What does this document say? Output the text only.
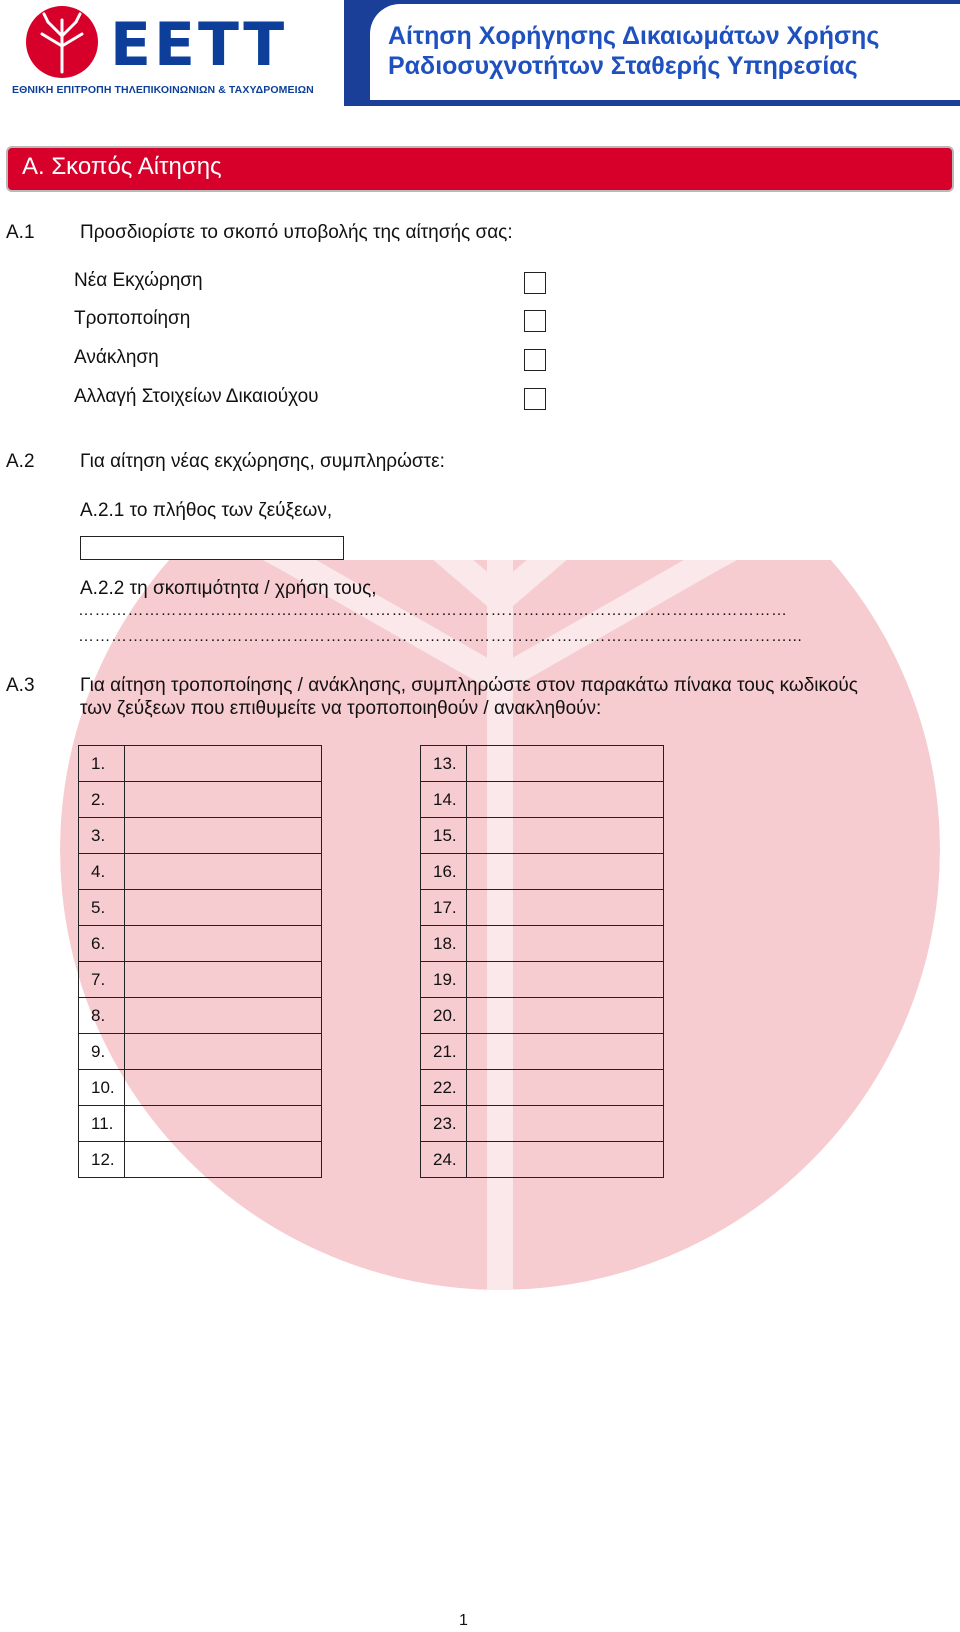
EETT
ΕΘΝΙΚΗ ΕΠΙΤΡΟΠΗ ΤΗΛΕΠΙΚΟΙΝΩΝΙΩΝ & ΤΑΧΥΔΡΟΜΕΙΩΝ
Αίτηση Χορήγησης Δικαιωμάτων Χρήσης
Ραδιοσυχνοτήτων Σταθερής Υπηρεσίας
Α. Σκοπός Αίτησης
Α.1 Προσδιορίστε το σκοπό υποβολής της αίτησής σας:
Νέα Εκχώρηση
Τροποποίηση
Ανάκληση
Αλλαγή Στοιχείων Δικαιούχου
Α.2 Για αίτηση νέας εκχώρησης, συμπληρώστε:
Α.2.1 το πλήθος των ζεύξεων,
Α.2.2 τη σκοπιμότητα / χρήση τους,
…………………………………………………………………………………………………………………
…………………………………………………………………………………………………………………...
Α.3 Για αίτηση τροποποίησης / ανάκλησης, συμπληρώστε στον παρακάτω πίνακα τους κωδικούς
των ζεύξεων που επιθυμείτε να τροποποιηθούν / ανακληθούν:
1.	
2.	
3.	
4.	
5.	
6.	
7.	
8.	
9.	
10.	
11.	
12.	
13.	
14.	
15.	
16.	
17.	
18.	
19.	
20.	
21.	
22.	
23.	
24.	
1
